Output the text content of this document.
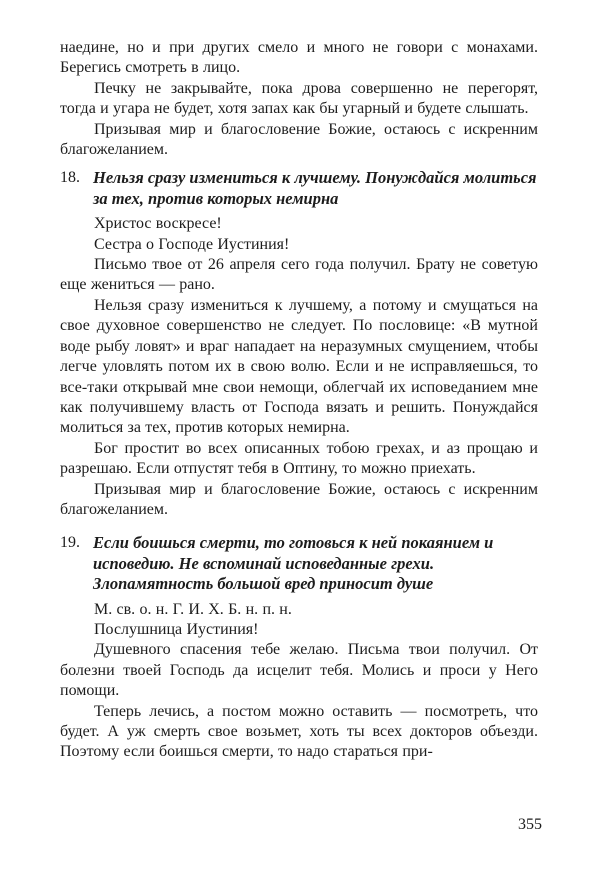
наедине, но и при других смело и много не говори с монахами. Берегись смотреть в лицо.

Печку не закрывайте, пока дрова совершенно не перегорят, тогда и угара не будет, хотя запах как бы угарный и будете слышать.

Призывая мир и благословение Божие, остаюсь с искренним благожеланием.

18. Нельзя сразу измениться к лучшему. Понуждайся молиться за тех, против которых немирна

Христос воскресе!

Сестра о Господе Иустиния!

Письмо твое от 26 апреля сего года получил. Брату не советую еще жениться — рано.

Нельзя сразу измениться к лучшему, а потому и смущаться на свое духовное совершенство не следует. По пословице: «В мутной воде рыбу ловят» и враг нападает на неразумных смущением, чтобы легче уловлять потом их в свою волю. Если и не исправляешься, то все-таки открывай мне свои немощи, облегчай их исповеданием мне как получившему власть от Господа вязать и решить. Понуждайся молиться за тех, против которых немирна.

Бог простит во всех описанных тобою грехах, и аз прощаю и разрешаю. Если отпустят тебя в Оптину, то можно приехать.

Призывая мир и благословение Божие, остаюсь с искренним благожеланием.

19. Если боишься смерти, то готовься к ней покаянием и исповедию. Не вспоминай исповеданные грехи. Злопамятность большой вред приносит душе

М. св. о. н. Г. И. Х. Б. н. п. н.

Послушница Иустиния!

Душевного спасения тебе желаю. Письма твои получил. От болезни твоей Господь да исцелит тебя. Молись и проси у Него помощи.

Теперь лечись, а постом можно оставить — посмотреть, что будет. А уж смерть свое возьмет, хоть ты всех докторов объезди. Поэтому если боишься смерти, то надо стараться при-

355
